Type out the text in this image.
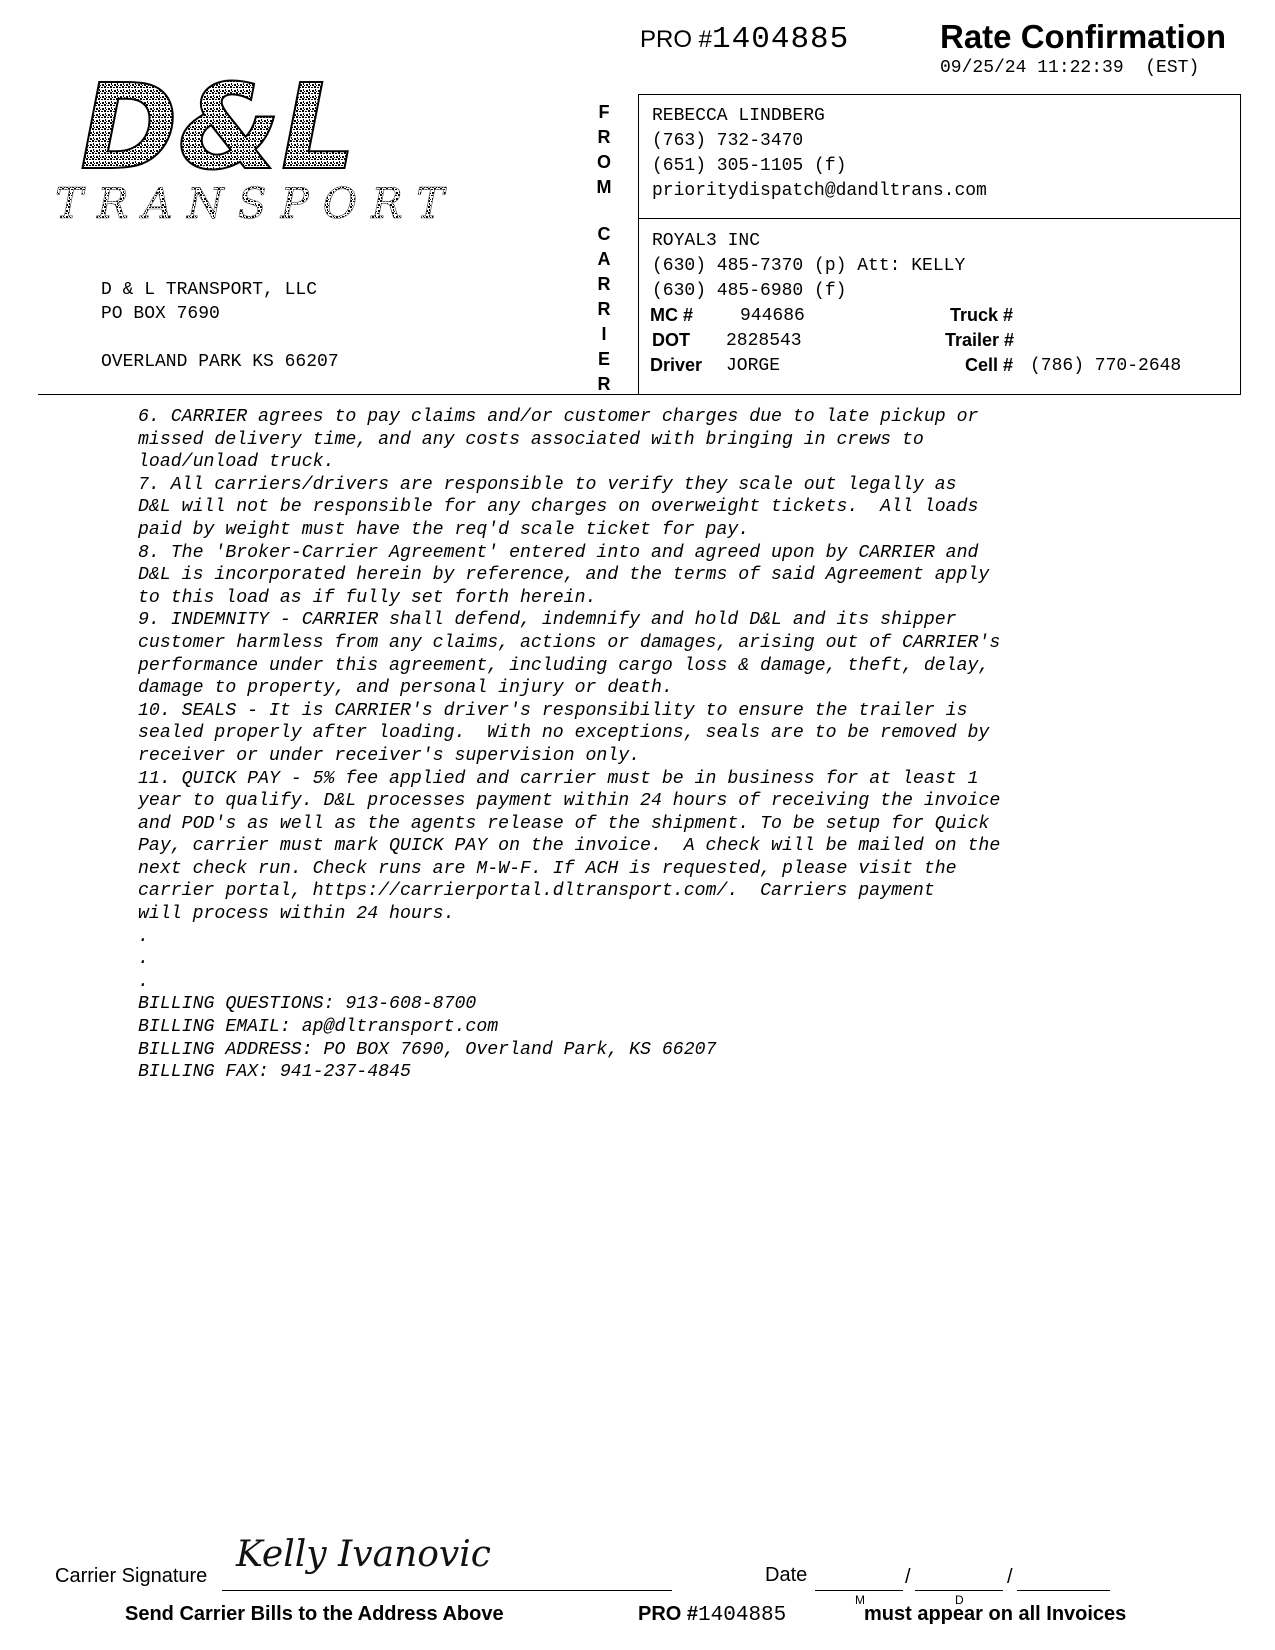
PRO #1404885	Rate Confirmation
09/25/24 11:22:39  (EST)
D&L
TRANSPORT
D & L TRANSPORT, LLC
PO BOX 7690
OVERLAND PARK KS 66207
F
R
O
M
C
A
R
R
I
E
R
REBECCA LINDBERG
(763) 732-3470
(651) 305-1105 (f)
prioritydispatch@dandltrans.com
ROYAL3 INC
(630) 485-7370 (p) Att: KELLY
(630) 485-6980 (f)
MC #	944686
DOT 2828543
Driver JORGE
Truck #
Trailer #
Cell # (786) 770-2648

6. CARRIER agrees to pay claims and/or customer charges due to late pickup or
missed delivery time, and any costs associated with bringing in crews to
load/unload truck.

7. All carriers/drivers are responsible to verify they scale out legally as
D&L will not be responsible for any charges on overweight tickets.  All loads
paid by weight must have the req'd scale ticket for pay.

8. The 'Broker-Carrier Agreement' entered into and agreed upon by CARRIER and
D&L is incorporated herein by reference, and the terms of said Agreement apply
to this load as if fully set forth herein.

9. INDEMNITY - CARRIER shall defend, indemnify and hold D&L and its shipper
customer harmless from any claims, actions or damages, arising out of CARRIER's
performance under this agreement, including cargo loss & damage, theft, delay,
damage to property, and personal injury or death.

10. SEALS - It is CARRIER's driver's responsibility to ensure the trailer is
sealed properly after loading.  With no exceptions, seals are to be removed by
receiver or under receiver's supervision only.

11. QUICK PAY - 5% fee applied and carrier must be in business for at least 1
year to qualify. D&L processes payment within 24 hours of receiving the invoice
and POD's as well as the agents release of the shipment. To be setup for Quick
Pay, carrier must mark QUICK PAY on the invoice.  A check will be mailed on the
next check run. Check runs are M-W-F. If ACH is requested, please visit the
carrier portal, https://carrierportal.dltransport.com/.  Carriers payment
will process within 24 hours.

.

.

.

BILLING QUESTIONS: 913-608-8700

BILLING EMAIL: ap@dltransport.com

BILLING ADDRESS: PO BOX 7690, Overland Park, KS 66207

BILLING FAX: 941-237-4845

Carrier Signature
Kelly Ivanovic	Date	/	/
M	D
Send Carrier Bills to the Address Above	PRO #1404885	must appear on all Invoices
